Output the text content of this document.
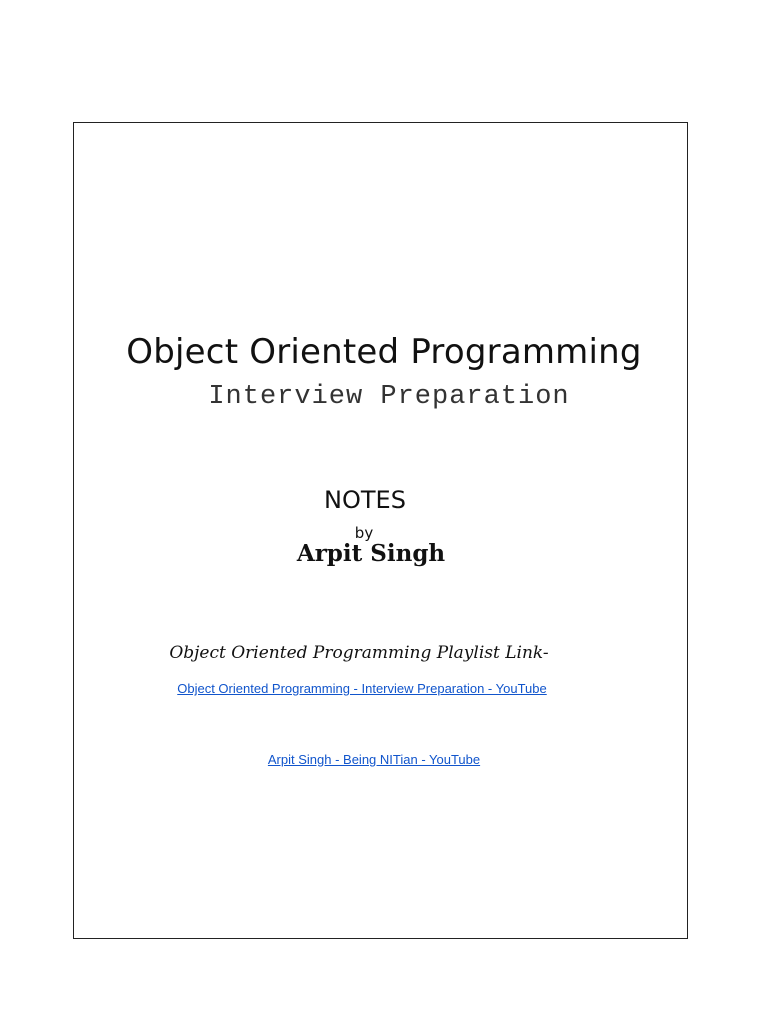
Object Oriented Programming
Interview Preparation
NOTES
by
Arpit Singh
Object Oriented Programming Playlist Link-
Object Oriented Programming - Interview Preparation - YouTube
Arpit Singh - Being NITian - YouTube
